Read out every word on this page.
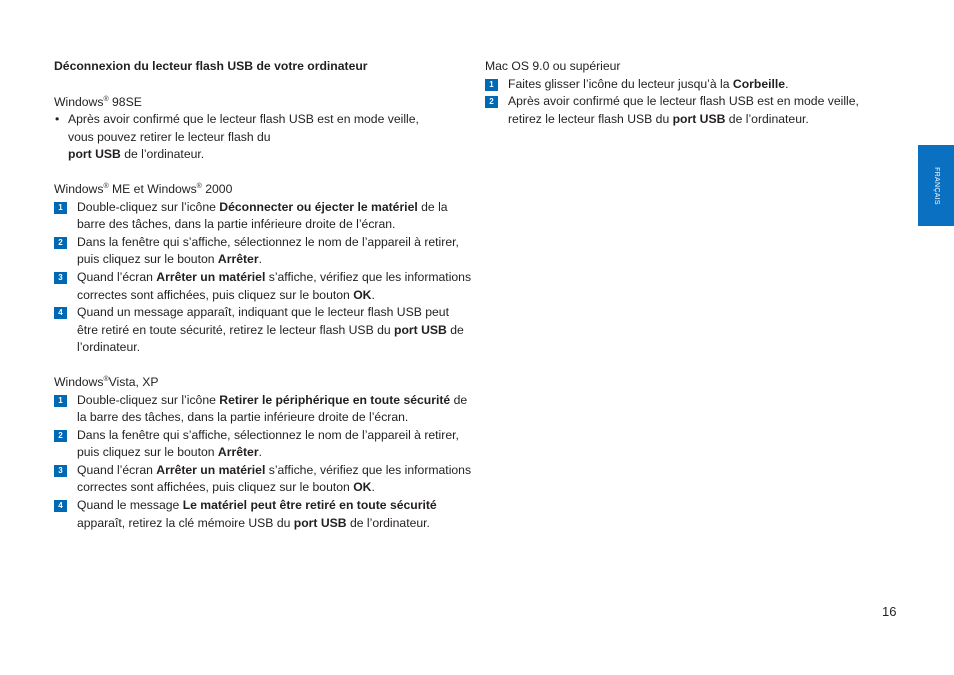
Déconnexion du lecteur flash USB de votre ordinateur

Windows® 98SE

• Après avoir confirmé que le lecteur flash USB est en mode veille,
vous pouvez retirer le lecteur flash du
port USB de l’ordinateur.

Windows® ME et Windows® 2000

1	Double-cliquez sur l’icône Déconnecter ou éjecter le matériel de la barre des tâches, dans la partie inférieure droite de l’écran.
2	Dans la fenêtre qui s’affiche, sélectionnez le nom de l’appareil à retirer, puis cliquez sur le bouton Arrêter.
3	Quand l’écran Arrêter un matériel s’affiche, vérifiez que les informations correctes sont affichées, puis cliquez sur le bouton OK.
4	Quand un message apparaît, indiquant que le lecteur flash USB peut être retiré en toute sécurité, retirez le lecteur flash USB du port USB de l’ordinateur.

Windows®Vista, XP

1	Double-cliquez sur l’icône Retirer le périphérique en toute sécurité de la barre des tâches, dans la partie inférieure droite de l’écran.
2	Dans la fenêtre qui s’affiche, sélectionnez le nom de l’appareil à retirer, puis cliquez sur le bouton Arrêter.
3	Quand l’écran Arrêter un matériel s’affiche, vérifiez que les informations correctes sont affichées, puis cliquez sur le bouton OK.
4	Quand le message Le matériel peut être retiré en toute sécurité apparaît, retirez la clé mémoire USB du port USB de l’ordinateur.

Mac OS 9.0 ou supérieur

1	Faites glisser l’icône du lecteur jusqu’à la Corbeille.
2	Après avoir confirmé que le lecteur flash USB est en mode veille, retirez le lecteur flash USB du port USB de l’ordinateur.
FRANÇAIS
16
